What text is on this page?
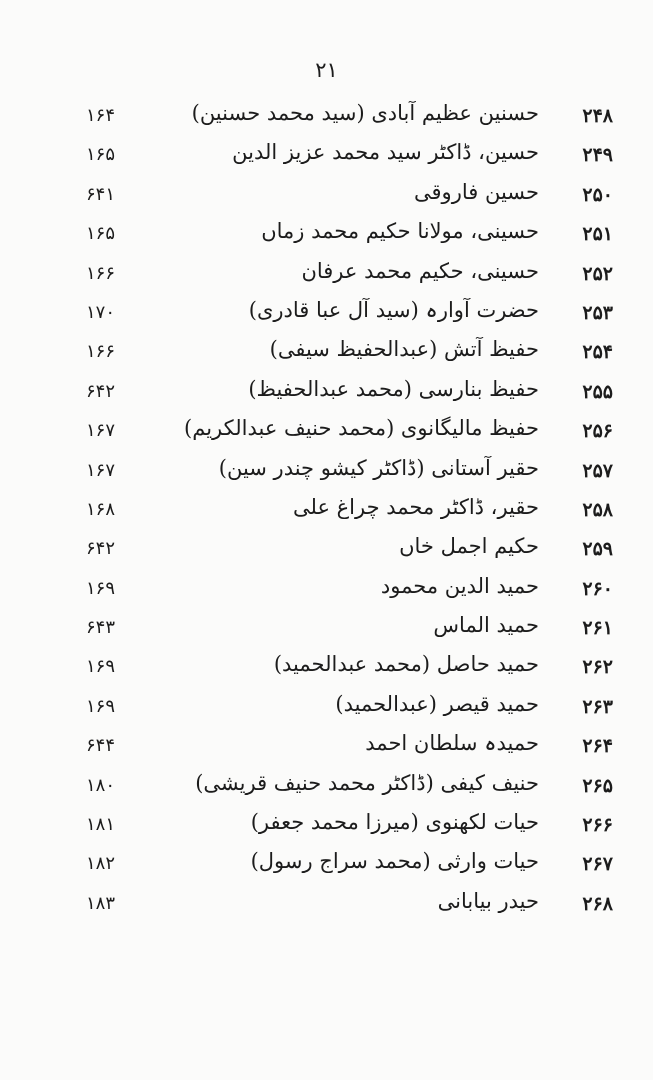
۲۱
۲۴۸
حسنین عظیم آبادی (سید محمد حسنین)
۱۶۴
۲۴۹
حسین، ڈاکٹر سید محمد عزیز الدین
۱۶۵
۲۵۰
حسین فاروقی
۶۴۱
۲۵۱
حسینی، مولانا حکیم محمد زماں
۱۶۵
۲۵۲
حسینی، حکیم محمد عرفان
۱۶۶
۲۵۳
حضرت آوارہ (سید آل عبا قادری)
۱۷۰
۲۵۴
حفیظ آتش (عبدالحفیظ سیفی)
۱۶۶
۲۵۵
حفیظ بنارسی (محمد عبدالحفیظ)
۶۴۲
۲۵۶
حفیظ مالیگانوی (محمد حنیف عبدالکریم)
۱۶۷
۲۵۷
حقیر آستانی (ڈاکٹر کیشو چندر سین)
۱۶۷
۲۵۸
حقیر، ڈاکٹر محمد چراغ علی
۱۶۸
۲۵۹
حکیم اجمل خاں
۶۴۲
۲۶۰
حمید الدین محمود
۱۶۹
۲۶۱
حمید الماس
۶۴۳
۲۶۲
حمید حاصل (محمد عبدالحمید)
۱۶۹
۲۶۳
حمید قیصر (عبدالحمید)
۱۶۹
۲۶۴
حمیدہ سلطان احمد
۶۴۴
۲۶۵
حنیف کیفی (ڈاکٹر محمد حنیف قریشی)
۱۸۰
۲۶۶
حیات لکھنوی (میرزا محمد جعفر)
۱۸۱
۲۶۷
حیات وارثی (محمد سراج رسول)
۱۸۲
۲۶۸
حیدر بیابانی
۱۸۳
